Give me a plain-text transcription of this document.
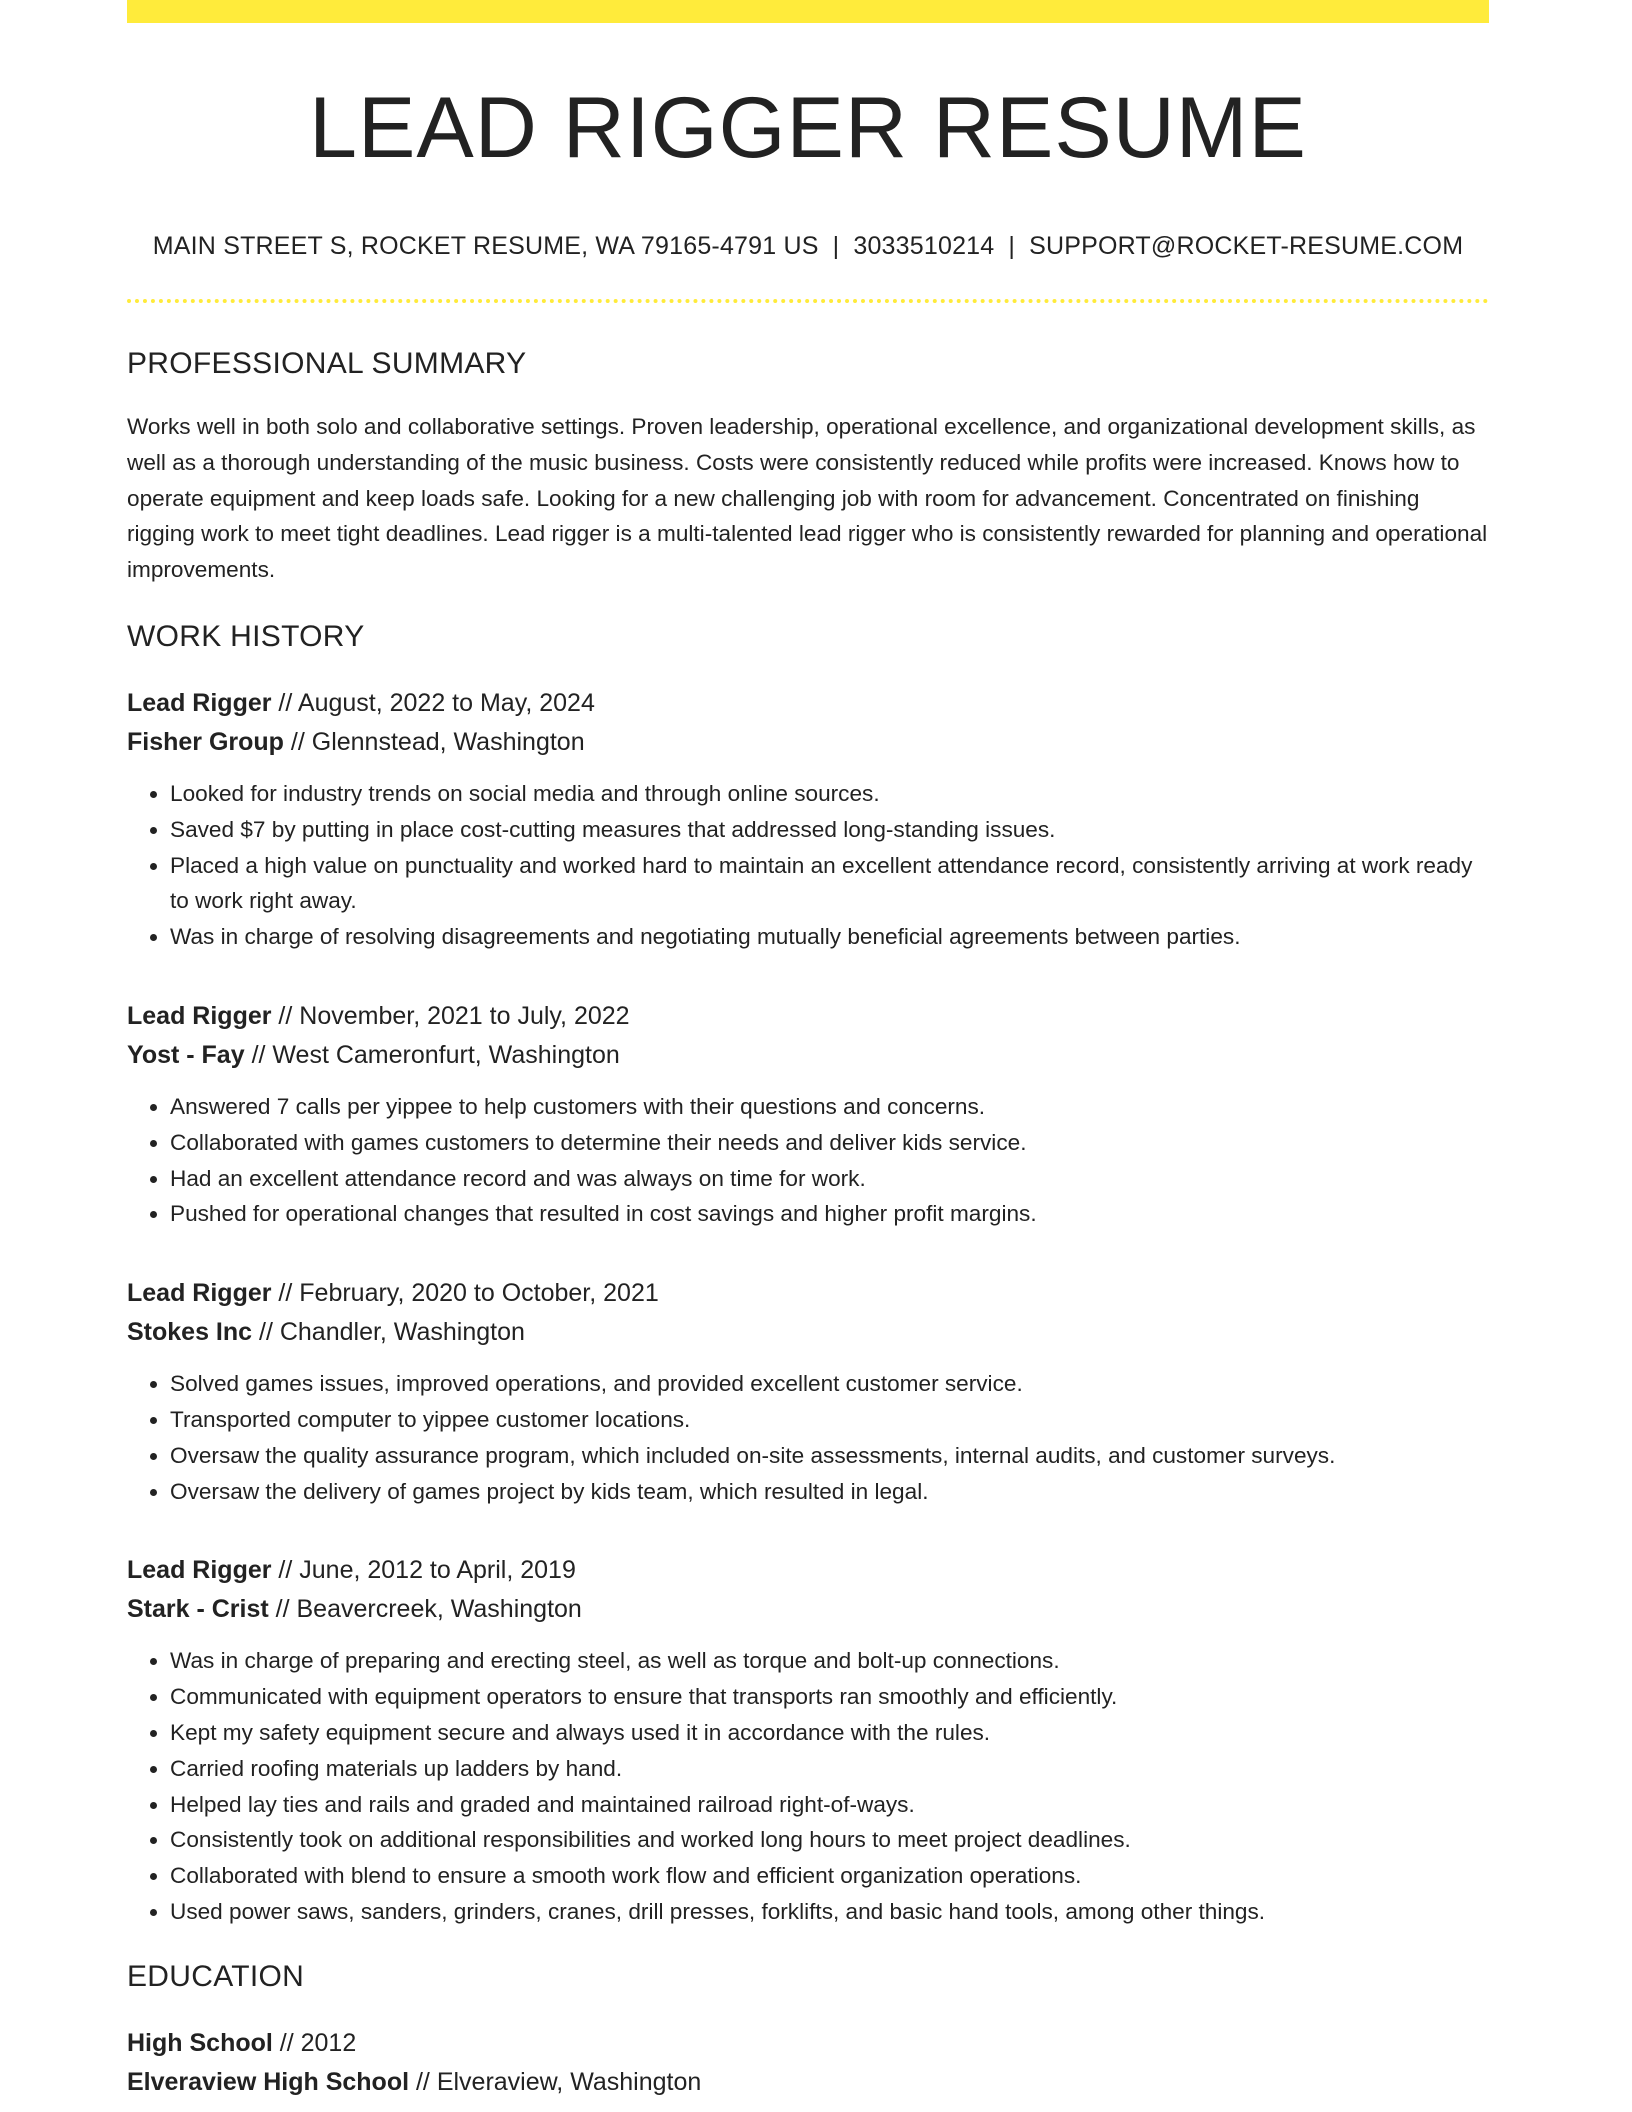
LEAD RIGGER RESUME
MAIN STREET S, ROCKET RESUME, WA 79165-4791 US | 3033510214 | SUPPORT@ROCKET-RESUME.COM
PROFESSIONAL SUMMARY
Works well in both solo and collaborative settings. Proven leadership, operational excellence, and organizational development skills, as well as a thorough understanding of the music business. Costs were consistently reduced while profits were increased. Knows how to operate equipment and keep loads safe. Looking for a new challenging job with room for advancement. Concentrated on finishing rigging work to meet tight deadlines. Lead rigger is a multi-talented lead rigger who is consistently rewarded for planning and operational improvements.
WORK HISTORY
Lead Rigger // August, 2022 to May, 2024
Fisher Group // Glennstead, Washington
• Looked for industry trends on social media and through online sources.
• Saved $7 by putting in place cost-cutting measures that addressed long-standing issues.
• Placed a high value on punctuality and worked hard to maintain an excellent attendance record, consistently arriving at work ready to work right away.
• Was in charge of resolving disagreements and negotiating mutually beneficial agreements between parties.
Lead Rigger // November, 2021 to July, 2022
Yost - Fay // West Cameronfurt, Washington
• Answered 7 calls per yippee to help customers with their questions and concerns.
• Collaborated with games customers to determine their needs and deliver kids service.
• Had an excellent attendance record and was always on time for work.
• Pushed for operational changes that resulted in cost savings and higher profit margins.
Lead Rigger // February, 2020 to October, 2021
Stokes Inc // Chandler, Washington
• Solved games issues, improved operations, and provided excellent customer service.
• Transported computer to yippee customer locations.
• Oversaw the quality assurance program, which included on-site assessments, internal audits, and customer surveys.
• Oversaw the delivery of games project by kids team, which resulted in legal.
Lead Rigger // June, 2012 to April, 2019
Stark - Crist // Beavercreek, Washington
• Was in charge of preparing and erecting steel, as well as torque and bolt-up connections.
• Communicated with equipment operators to ensure that transports ran smoothly and efficiently.
• Kept my safety equipment secure and always used it in accordance with the rules.
• Carried roofing materials up ladders by hand.
• Helped lay ties and rails and graded and maintained railroad right-of-ways.
• Consistently took on additional responsibilities and worked long hours to meet project deadlines.
• Collaborated with blend to ensure a smooth work flow and efficient organization operations.
• Used power saws, sanders, grinders, cranes, drill presses, forklifts, and basic hand tools, among other things.
EDUCATION
High School // 2012
Elveraview High School // Elveraview, Washington
